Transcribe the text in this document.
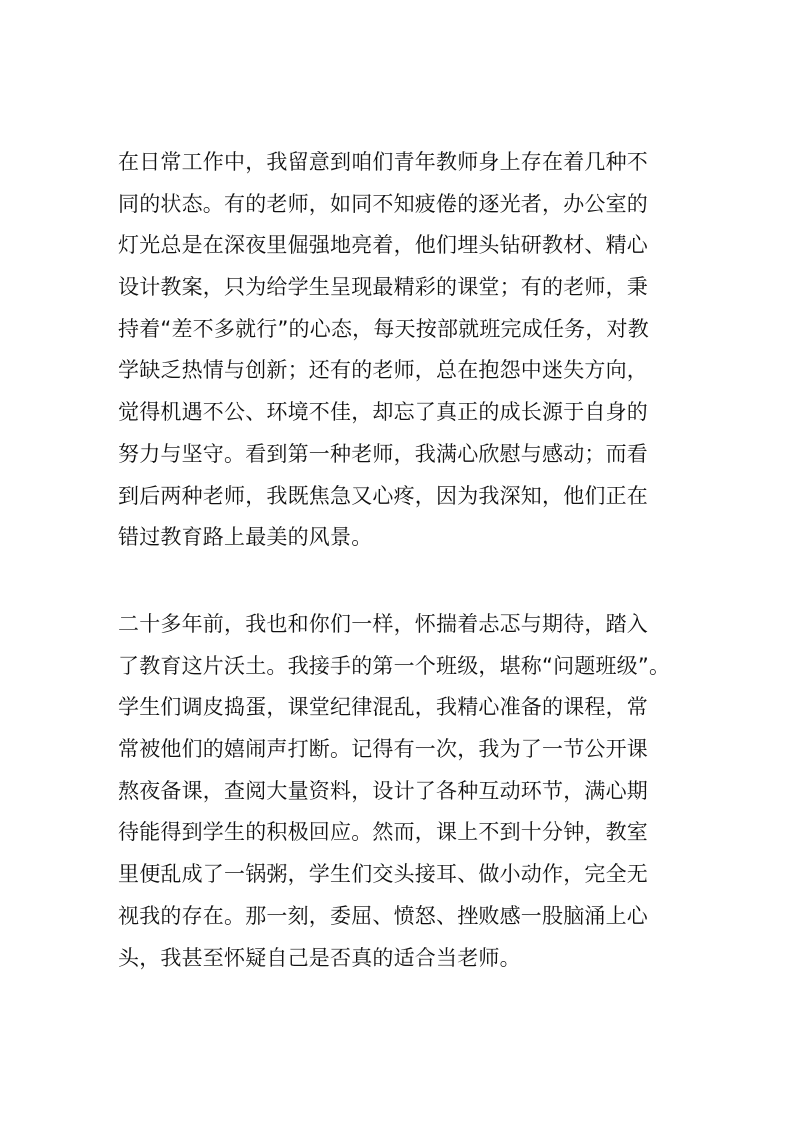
在日常工作中，我留意到咱们青年教师身上存在着几种不
同的状态。有的老师，如同不知疲倦的逐光者，办公室的
灯光总是在深夜里倔强地亮着，他们埋头钻研教材、精心
设计教案，只为给学生呈现最精彩的课堂；有的老师，秉
持着“差不多就行”的心态，每天按部就班完成任务，对教
学缺乏热情与创新；还有的老师，总在抱怨中迷失方向，
觉得机遇不公、环境不佳，却忘了真正的成长源于自身的
努力与坚守。看到第一种老师，我满心欣慰与感动；而看
到后两种老师，我既焦急又心疼，因为我深知，他们正在
错过教育路上最美的风景。
二十多年前，我也和你们一样，怀揣着忐忑与期待，踏入
了教育这片沃土。我接手的第一个班级，堪称“问题班级”。
学生们调皮捣蛋，课堂纪律混乱，我精心准备的课程，常
常被他们的嬉闹声打断。记得有一次，我为了一节公开课
熬夜备课，查阅大量资料，设计了各种互动环节，满心期
待能得到学生的积极回应。然而，课上不到十分钟，教室
里便乱成了一锅粥，学生们交头接耳、做小动作，完全无
视我的存在。那一刻，委屈、愤怒、挫败感一股脑涌上心
头，我甚至怀疑自己是否真的适合当老师。
